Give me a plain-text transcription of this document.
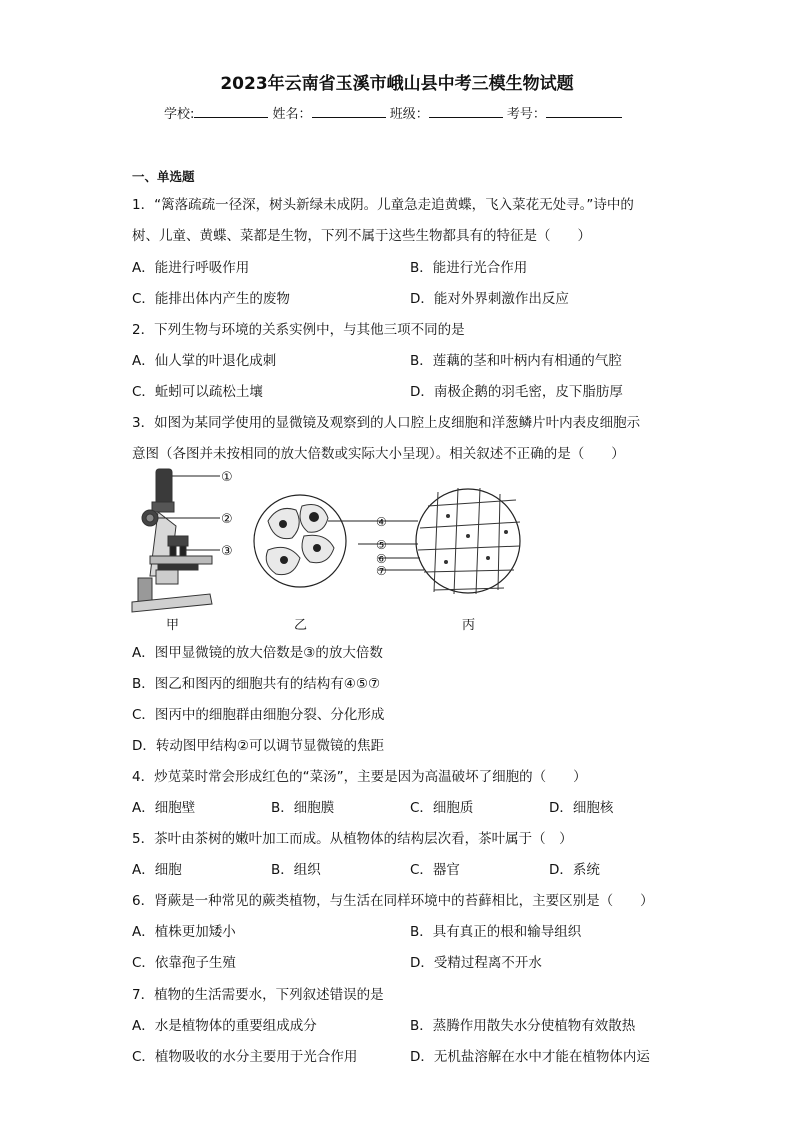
2023年云南省玉溪市峨山县中考三模生物试题
学校:	姓名：	班级：	考号：
一、单选题
1．“篱落疏疏一径深，树头新绿未成阴。儿童急走追黄蝶，飞入菜花无处寻。”诗中的
树、儿童、黄蝶、菜都是生物，下列不属于这些生物都具有的特征是（　　）
A．能进行呼吸作用	B．能进行光合作用
C．能排出体内产生的废物	D．能对外界刺激作出反应
2．下列生物与环境的关系实例中，与其他三项不同的是
A．仙人掌的叶退化成刺	B．莲藕的茎和叶柄内有相通的气腔
C．蚯蚓可以疏松土壤	D．南极企鹅的羽毛密，皮下脂肪厚
3．如图为某同学使用的显微镜及观察到的人口腔上皮细胞和洋葱鳞片叶内表皮细胞示
意图（各图并未按相同的放大倍数或实际大小呈现）。相关叙述不正确的是（　　）
①
②
③
④
⑤
⑥
⑦
甲	乙	丙
A．图甲显微镜的放大倍数是③的放大倍数
B．图乙和图丙的细胞共有的结构有④⑤⑦
C．图丙中的细胞群由细胞分裂、分化形成
D．转动图甲结构②可以调节显微镜的焦距
4．炒苋菜时常会形成红色的“菜汤”，主要是因为高温破坏了细胞的（　　）
A．细胞壁	B．细胞膜	C．细胞质	D．细胞核
5．茶叶由茶树的嫩叶加工而成。从植物体的结构层次看，茶叶属于（　）
A．细胞	B．组织	C．器官	D．系统
6．肾蕨是一种常见的蕨类植物，与生活在同样环境中的苔藓相比，主要区别是（　　）
A．植株更加矮小	B．具有真正的根和输导组织
C．依靠孢子生殖	D．受精过程离不开水
7．植物的生活需要水，下列叙述错误的是
A．水是植物体的重要组成成分	B．蒸腾作用散失水分使植物有效散热
C．植物吸收的水分主要用于光合作用	D．无机盐溶解在水中才能在植物体内运
